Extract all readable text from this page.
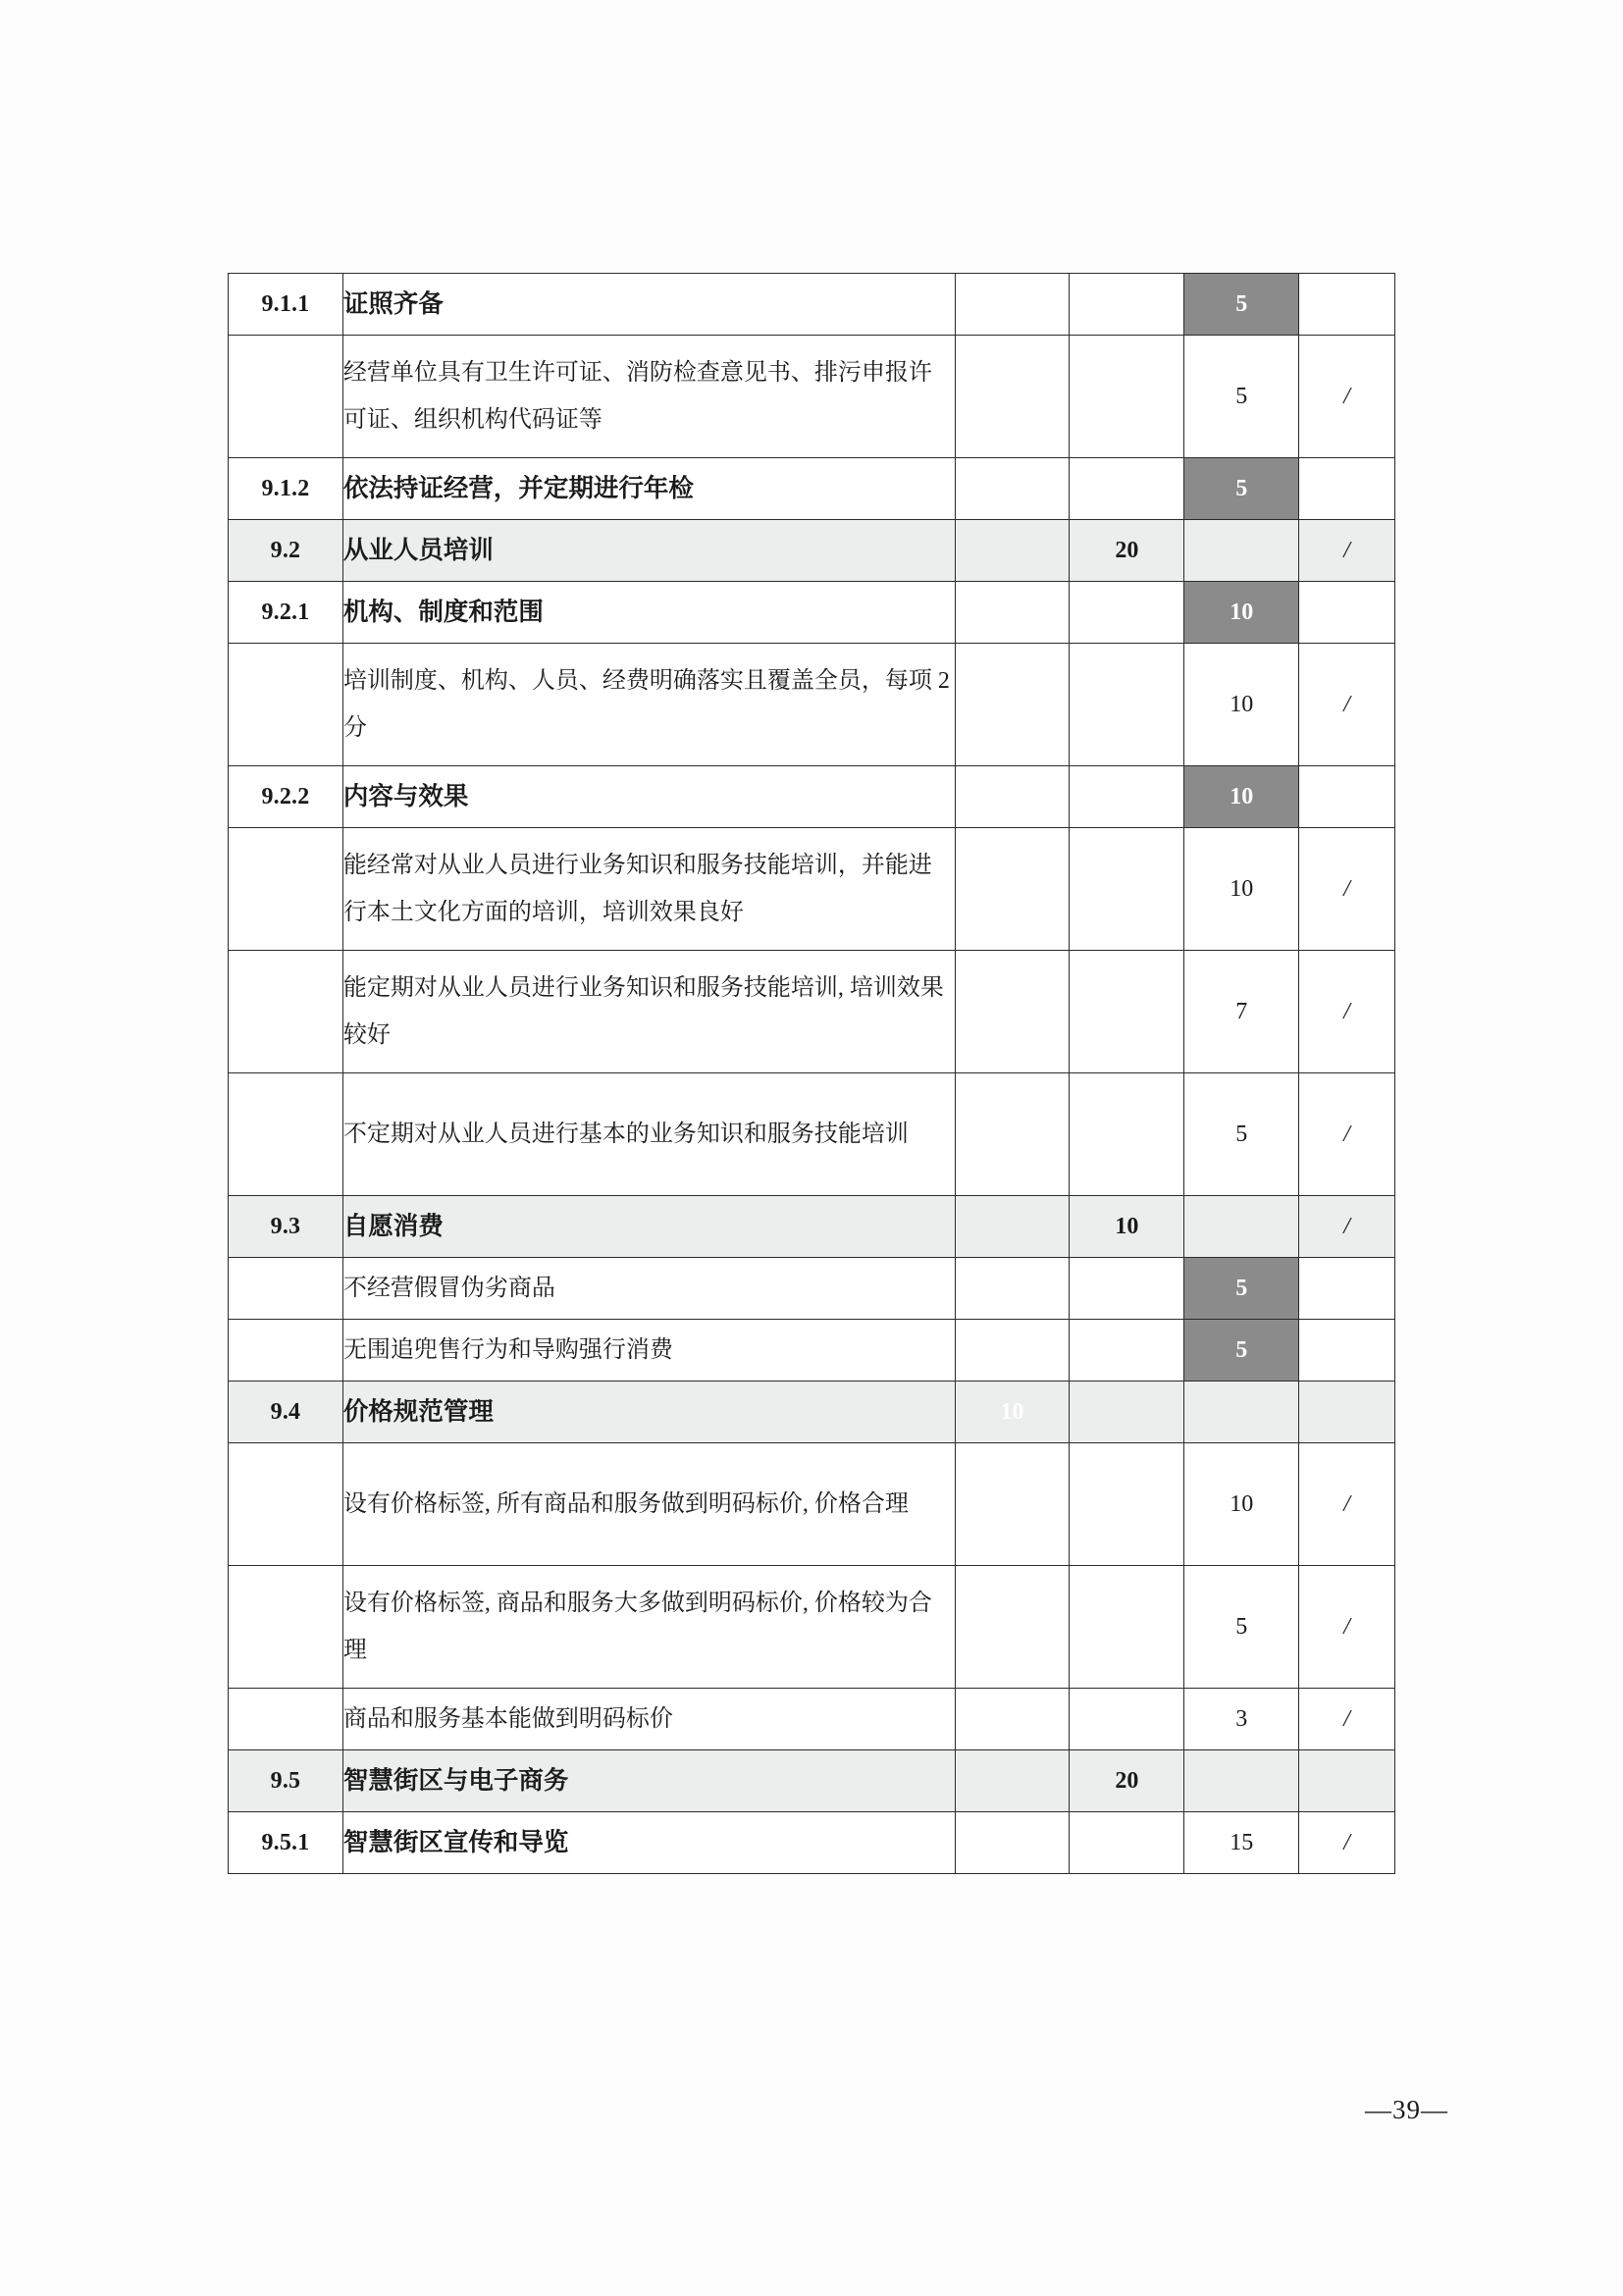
9.1.1	证照齐备			5	
	经营单位具有卫生许可证、消防检查意见书、排污申报许可证、组织机构代码证等			5	/
9.1.2	依法持证经营，并定期进行年检			5	
9.2	从业人员培训		20		/
9.2.1	机构、制度和范围			10	
	培训制度、机构、人员、经费明确落实且覆盖全员，每项 2 分			10	/
9.2.2	内容与效果			10	
	能经常对从业人员进行业务知识和服务技能培训，并能进行本土文化方面的培训，培训效果良好			10	/
	能定期对从业人员进行业务知识和服务技能培训, 培训效果较好			7	/
	不定期对从业人员进行基本的业务知识和服务技能培训			5	/
9.3	自愿消费		10		/
	不经营假冒伪劣商品			5	
	无围追兜售行为和导购强行消费			5	
9.4	价格规范管理	10			
	设有价格标签, 所有商品和服务做到明码标价, 价格合理			10	/
	设有价格标签, 商品和服务大多做到明码标价, 价格较为合理			5	/
	商品和服务基本能做到明码标价			3	/
9.5	智慧街区与电子商务		20		
9.5.1	智慧街区宣传和导览			15	/
—39—
